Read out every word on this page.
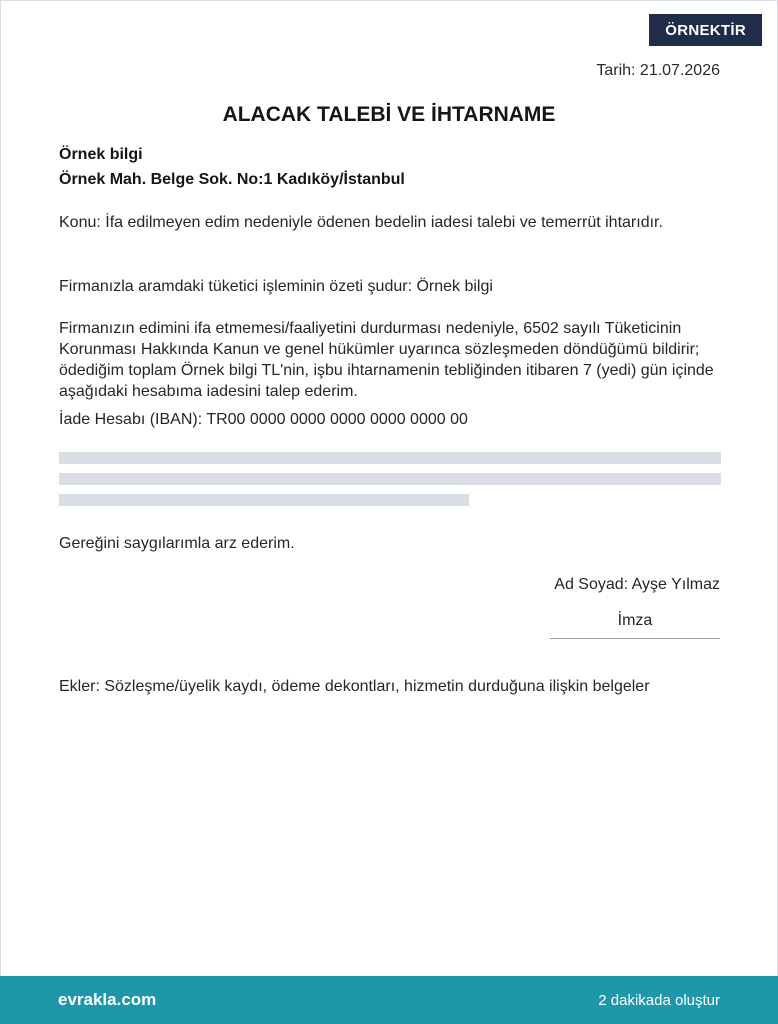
ÖRNEKTİR
Tarih: 21.07.2026
ALACAK TALEBİ VE İHTARNAME
Örnek bilgi
Örnek Mah. Belge Sok. No:1 Kadıköy/İstanbul
Konu: İfa edilmeyen edim nedeniyle ödenen bedelin iadesi talebi ve temerrüt ihtarıdır.
Firmanızla aramdaki tüketici işleminin özeti şudur: Örnek bilgi
Firmanızın edimini ifa etmemesi/faaliyetini durdurması nedeniyle, 6502 sayılı Tüketicinin Korunması Hakkında Kanun ve genel hükümler uyarınca sözleşmeden döndüğümü bildirir; ödediğim toplam Örnek bilgi TL'nin, işbu ihtarnamenin tebliğinden itibaren 7 (yedi) gün içinde aşağıdaki hesabıma iadesini talep ederim.
İade Hesabı (IBAN): TR00 0000 0000 0000 0000 0000 00
Gereğini saygılarımla arz ederim.
Ad Soyad: Ayşe Yılmaz
İmza
Ekler: Sözleşme/üyelik kaydı, ödeme dekontları, hizmetin durduğuna ilişkin belgeler
evrakla.com	2 dakikada oluştur
